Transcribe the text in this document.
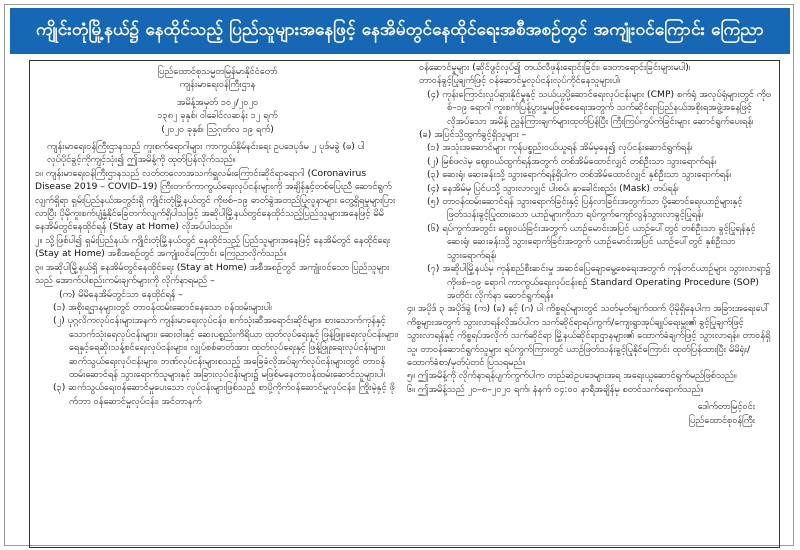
ကျိုင်းတုံမြို့နယ်၌ နေထိုင်သည့် ပြည်သူများအနေဖြင့် နေအိမ်တွင်နေထိုင်ရေးအစီအစဉ်တွင် အကျုံးဝင်ကြောင်း ကြေညာ

ပြည်ထောင်စုသမ္မတမြန်မာနိုင်ငံတော်

ကျန်းမာရေးဝန်ကြီးဌာန

အမိန့်အမှတ် ၁၀၂/၂၀၂၀

၁၃၈၂ ခုနှစ်၊ ဝါခေါင်လဆန်း ၁၂ ရက်

(၂၀၂၀ ခုနှစ်၊ ဩဂုတ်လ ၁၉ ရက်)

ကျန်းမာရေးဝန်ကြီးဌာနသည် ကူးစက်ရောဂါများ ကာကွယ်နှိမ်နင်းရေး ဥပဒေပုဒ်မ ၂ ပုဒ်မခွဲ (ဓ) ပါ လုပ်ပိုင်ခွင့်ကိုကျင့်သုံး၍ ဤအမိန့်ကို ထုတ်ပြန်လိုက်သည်။

၁။ ကျန်းမာရေးဝန်ကြီးဌာနသည် လတ်တလောအသက်ရှူလမ်းကြောင်းဆိုင်ရာရောဂါ (Coronavirus Disease 2019 – COVID–19) ကြီးတက်ကာကွယ်ရေးလုပ်ငန်းများကို အချိန်နှင့်တစ်ပြေးညီ ဆောင်ရွက်လျက်ရှိရာ ရှမ်းပြည်နယ်အတွင်းရှိ ကျိုင်းတုံမြို့နယ်တွင် ကိုဗစ်–၁၉ ဓာတ်ခွဲအတည်ပြုလူနာများ တွေ့ရှိရမှုများပြားလာပြီး ပိုမိုကူးစက်ပျံ့နှံ့နိုင်ခြေတက်လျက်ရှိပါသဖြင့် အဆိုပါမြို့နယ်တွင်နေထိုင်သည့်ပြည်သူများအနေဖြင့် မိမိနေအိမ်တွင်နေထိုင်ရန် (Stay at Home) လိုအပ်ပါသည်။

၂။ သို့ဖြစ်ပါ၍ ရှမ်းပြည်နယ်၊ ကျိုင်းတုံမြို့နယ်တွင် နေထိုင်သည့် ပြည်သူများအနေဖြင့် နေအိမ်တွင် နေထိုင်ရေး (Stay at Home) အစီအစဉ်တွင် အကျုံးဝင်ကြောင်း ကြေညာလိုက်သည်။

၃။ အဆိုပါမြို့နယ်ရှိ နေအိမ်တွင်နေထိုင်ရေး (Stay at Home) အစီအစဉ်တွင် အကျုံးဝင်သော ပြည်သူများသည် အောက်ပါစည်းကမ်းချက်များကို လိုက်နာရမည် –

(က) မိမိနေအိမ်တွင်သာ နေထိုင်ရန် –

(၁) အစိုးရဌာနများတွင် တာဝန်ထမ်းဆောင်နေသော ဝန်ထမ်းများပါ၊

(၂) ပုဂ္ဂလိကလုပ်ငန်းများအနက် ကျန်းမာရေးလုပ်ငန်း၊ စက်သုံးဆီအရောင်းဆိုင်များ၊ စားသောက်ကုန်နှင့် သောက်သုံးရေလုပ်ငန်းများ၊ ဆေးဝါးနှင့် ဆေးပစ္စည်းကိရိယာ ထုတ်လုပ်ရေးနှင့် ဖြန့်ဖြူးရေးလုပ်ငန်းများ၊ ရေနှင့်ရေဆိုးသန့်စင်ရေးလုပ်ငန်းများ၊ လျှပ်စစ်ဓာတ်အား ထုတ်လုပ်ရေးနှင့် ဖြန့်ဖြူးရေးလုပ်ငန်းများ၊ ဆက်သွယ်ရေးလုပ်ငန်းများ၊ ဘဏ်လုပ်ငန်းများစသည့် အခြေခံလိုအပ်ချက်လုပ်ငန်းများတွင် တာဝန်ထမ်းဆောင်ရန် သွားရောက်သူများနှင့် အခြားလုပ်ငန်းများ၌ မဖြစ်မနေတာဝန်ထမ်းဆောင်သူများပါ၊

(၃) ဆက်သွယ်ရေးဝန်ဆောင်မှုပေးသော လုပ်ငန်းများဖြစ်သည့် စာပို့ကိုက်ဝန်ဆောင်မှုလုပ်ငန်း၊ ကြိုးမဲ့နှင့် ဖိုက်ဘာ ဝန်ဆောင်မှုလုပ်ငန်း၊ အင်တာနက်

ဝန်ဆောင်မှုများ (ဆိုင်ဖွင့်လုပ်၍ တယ်လီဖုန်းရောင်းခြင်း၊ ဒေတာရောင်းခြင်းများမပါ)၊

တာဝန်ခွင့်ပြုချက်ဖြင့် ဝန်ဆောင်မှုလုပ်ငန်းလုပ်ကိုင်နေသူများပါ၊

(၄) ကုန်းကြောင်းလှုပ်ရှားနိုင်မှုနှင့် သယ်ယူပို့ဆောင်ရေးလုပ်ငန်းများ (CMP) စက်ရုံ အလုပ်ရုံများတွင် ကိုဗစ်–၁၉ ရောဂါ ကူးစက်ပြန့်ပွားမှုမဖြစ်စေရေးအတွက် သက်ဆိုင်ရာပြည်နယ်အစိုးရအဖွဲ့အနေဖြင့် လိုအပ်သော အမိန့် ညွှန်ကြားချက်များထုတ်ပြန်ပြီး ကြီးကြပ်ကွပ်ကဲခြင်းများ ဆောင်ရွက်ပေးရန်၊

(ခ) အပြင်သို့ထွက်ခွင့်ရှိသူများ –

(၁) အသုံးအဆောင်များ ကုန်ပစ္စည်းဝယ်ယူရန် အိမ်မှနေ၍ လုပ်ငန်းဆောင်ရွက်ရန်၊

(၂) မြစ်ဖလဲမှ ဈေးဝယ်ထွက်ရန်အတွက် တစ်အိမ်ထောင်လျှင် တစ်ဦးသာ သွားရောက်ရန်၊

(၃) ဆေးရုံ၊ ဆေးခန်းသို့ သွားရောက်ရန်ရှိပါက တစ်အိမ်ထောင်လျှင် နှစ်ဦးသာ သွားရောက်ရန်၊

(၄) နေအိမ်မှ ပြင်ပသို့ သွားလာလျှင် ပါးစပ်၊ နှာခေါင်းစည်း (Mask) တပ်ရန်၊

(၅) တာဝန်ထမ်းဆောင်ရန် သွားရောက်ခြင်းနှင့် ပြန်လာခြင်းအတွက်သာ ပို့ဆောင်ရေးယာဉ်များနှင့် ဖြတ်သန်းခွင့်ပြုထားသော ယာဉ်များကိုသာ ရပ်ကွက်ကျော်လွန်သွားလာခွင့်ပြုရန်၊

(၆) ရပ်ကွက်အတွင်း ဈေးဝယ်ခြင်းအတွက် ယာဉ်မောင်းအပြင် ယာဉ်ပေါ်တွင် တစ်ဦးသာ ခွင့်ပြုရန်နှင့် ဆေးရုံ၊ ဆေးခန်းသို့ သွားရောက်ခြင်းအတွက် ယာဉ်မောင်းအပြင် ယာဉ်ပေါ်တွင် နှစ်ဦးသာ သွားရောက်ရန်၊

(၇) အဆိုပါမြို့နယ်မှ ကုန်စည်စီးဆင်းမှု အဆင်ပြေချောမွေ့စေရေးအတွက် ကုန်တင်ယာဉ်များ သွားလာရာ၌ ကိုဗစ်–၁၉ ရောဂါ ကာကွယ်ရေးလုပ်ငန်းစဉ် Standard Operating Procedure (SOP) အတိုင်း လိုက်နာ ဆောင်ရွက်ရန်။

၄။ အပိုဒ် ၃ အပိုဒ်ခွဲ (က) (ခ) နှင့် (ဂ) ပါ ကိစ္စရပ်များတွင် သတ်မှတ်ချက်ထက် ပိုမိုရှိနေပါက အခြားအရေးပေါ်ကိစ္စများအတွက် သွားလာရန်လိုအပ်ပါက သက်ဆိုင်ရာရပ်ကွက်/ကျေးရွာအုပ်ချုပ်ရေးမှူး၏ ခွင့်ပြုချက်ဖြင့် သွားလာရန်နှင့် ကိစ္စရပ်အလိုက် သက်ဆိုင်ရာ မြို့နယ်ဆိုင်ရာဌာနများ၏ ထောက်ခံချက်ဖြင့် သွားလာရန်။ တာဝန်ရှိသူ၊ တာဝန်ဆောင်ရွက်သူများ ရပ်ကွက်ကြားတွင် ယာဉ်ဖြတ်သန်းခွင့်ပြုနိုင်ကြောင်း ထုတ်ပြန်ထားပြီး မိမိရုံး/ထောက်ခံစာ/မှတ်ပုံတင် ပြသရမည်။

၅။ ဤအမိန့်ကို လိုက်နာရန်ပျက်ကွက်ပါက တည်ဆဲဥပဒေများအရ အရေးယူဆောင်ရွက်မည်ဖြစ်သည်။

၆။ ဤအမိန့်သည် ၂၀–၈–၂၀၂၀ ရက်၊ နံနက် ၀၄:၀၀ နာရီအချိန်မှ စတင်သက်ရောက်သည်။

ဒေါက်တာမြင့်ဝင်း

ပြည်ထောင်စုဝန်ကြီး
